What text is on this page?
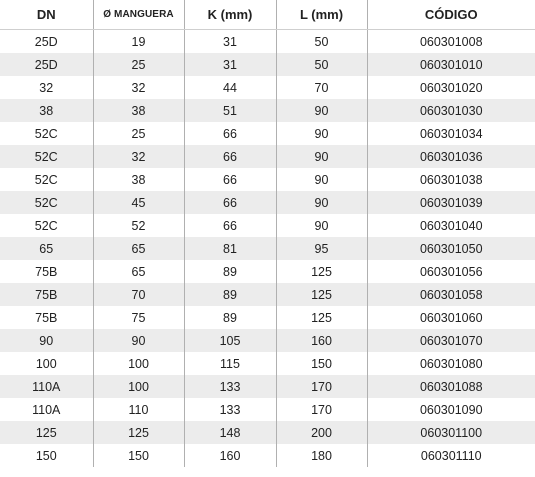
DN	Ø MANGUERA	K (mm)	L (mm)	CÓDIGO
25D	19	31	50	060301008
25D	25	31	50	060301010
32	32	44	70	060301020
38	38	51	90	060301030
52C	25	66	90	060301034
52C	32	66	90	060301036
52C	38	66	90	060301038
52C	45	66	90	060301039
52C	52	66	90	060301040
65	65	81	95	060301050
75B	65	89	125	060301056
75B	70	89	125	060301058
75B	75	89	125	060301060
90	90	105	160	060301070
100	100	115	150	060301080
110A	100	133	170	060301088
110A	110	133	170	060301090
125	125	148	200	060301100
150	150	160	180	060301110
